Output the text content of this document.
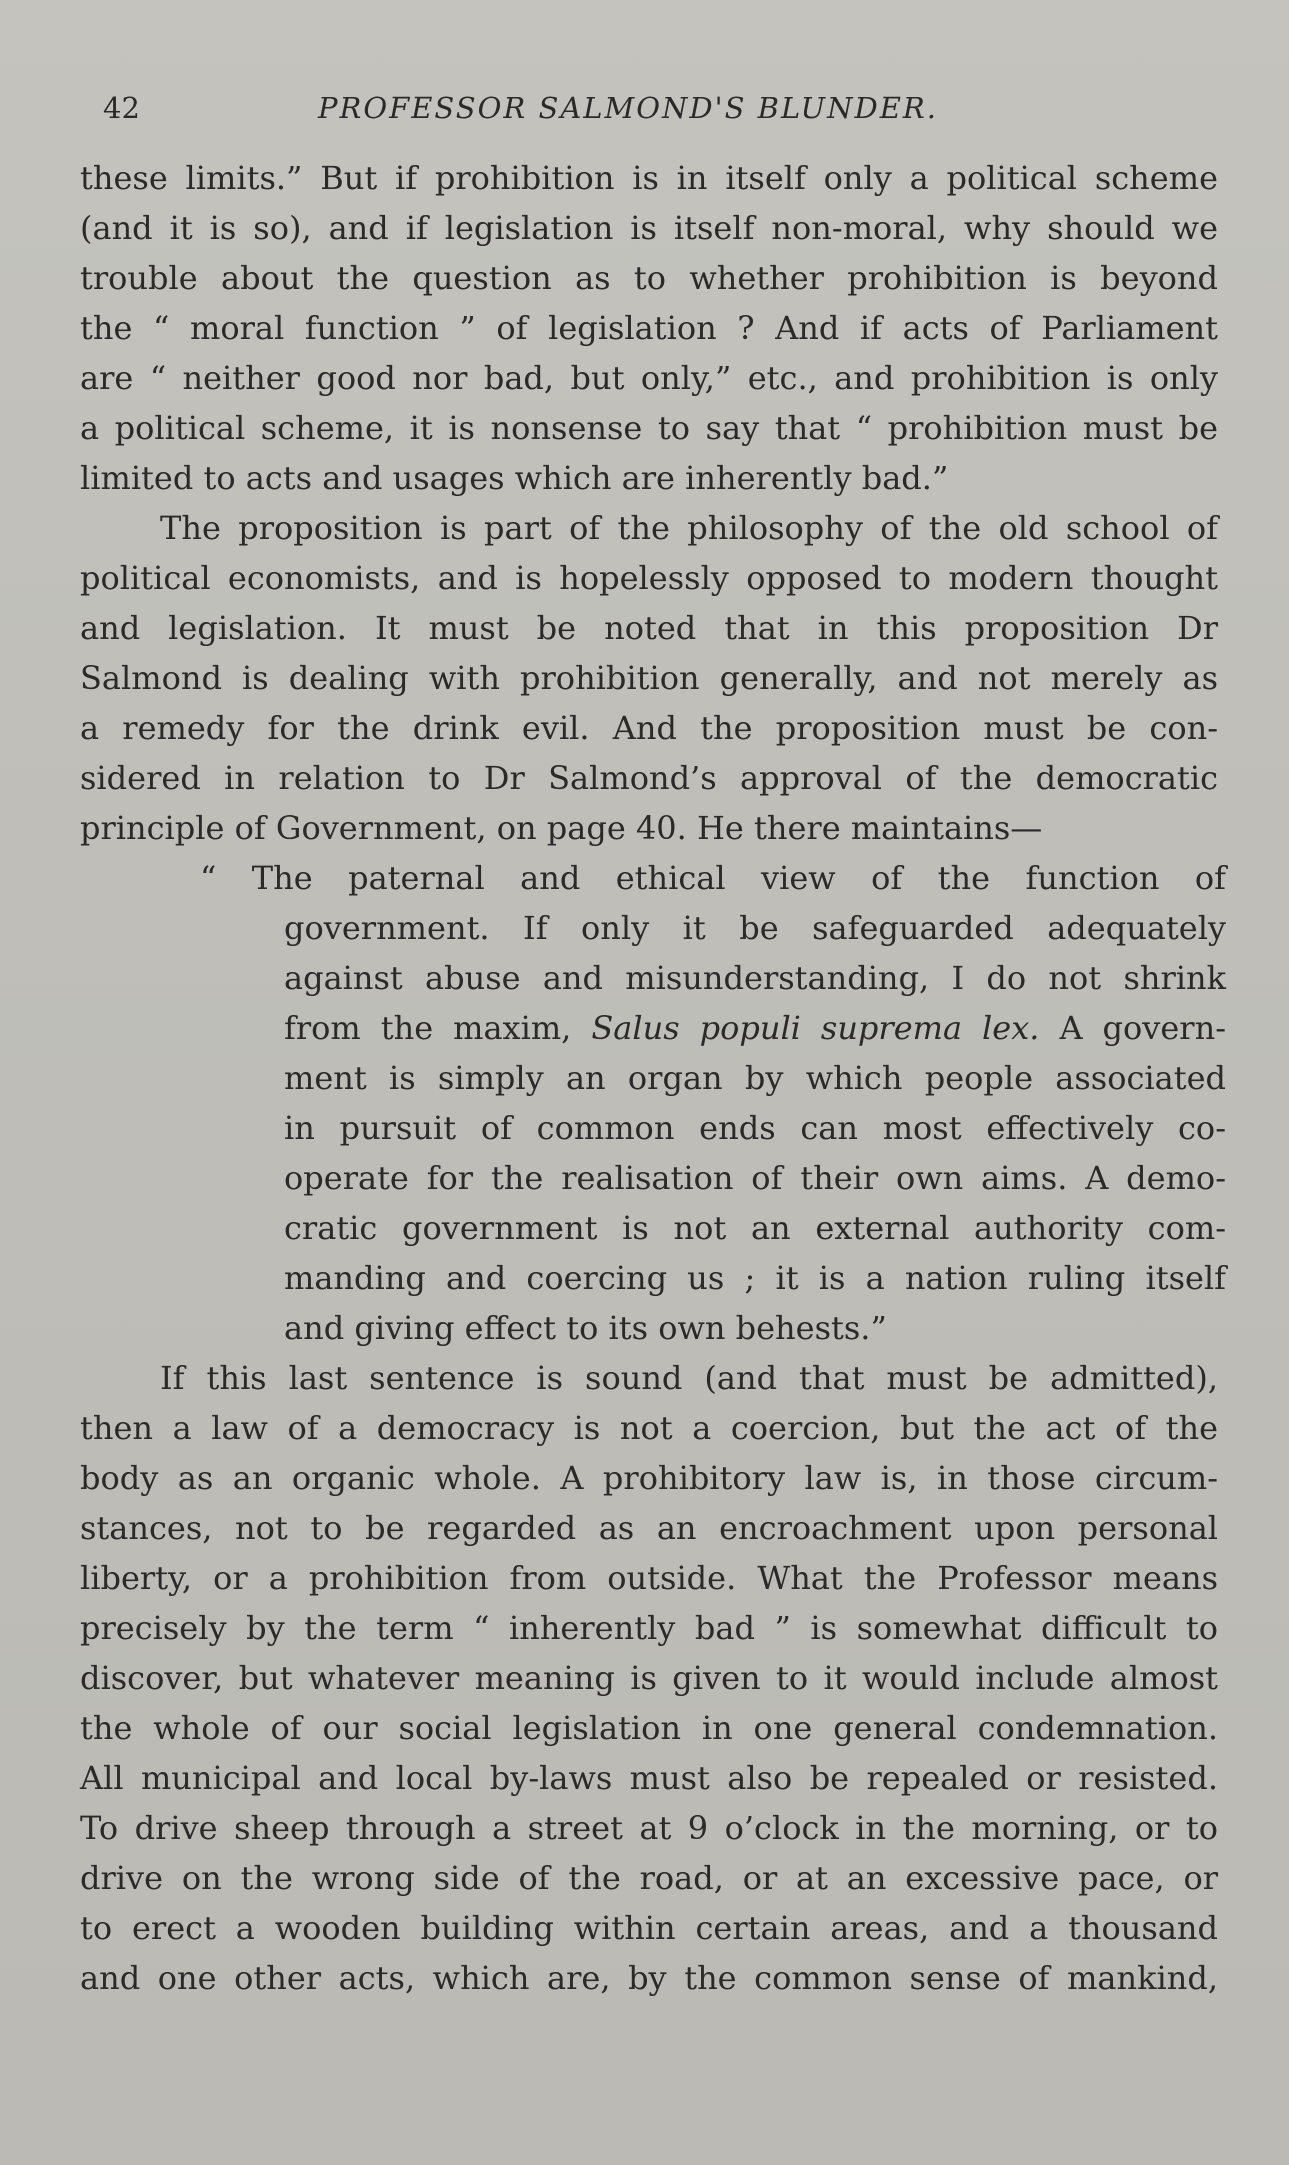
42	PROFESSOR SALMOND'S BLUNDER.
these limits.” But if prohibition is in itself only a political scheme
(and it is so), and if legislation is itself non-moral, why should we
trouble about the question as to whether prohibition is beyond
the “ moral function ” of legislation ? And if acts of Parliament
are “ neither good nor bad, but only,” etc., and prohibition is only
a political scheme, it is nonsense to say that “ prohibition must be
limited to acts and usages which are inherently bad.”
The proposition is part of the philosophy of the old school of
political economists, and is hopelessly opposed to modern thought
and legislation. It must be noted that in this proposition Dr
Salmond is dealing with prohibition generally, and not merely as
a remedy for the drink evil. And the proposition must be con-
sidered in relation to Dr Salmond’s approval of the democratic
principle of Government, on page 40. He there maintains—
“ The paternal and ethical view of the function of
government. If only it be safeguarded adequately
against abuse and misunderstanding, I do not shrink
from the maxim, Salus populi suprema lex. A govern-
ment is simply an organ by which people associated
in pursuit of common ends can most effectively co-
operate for the realisation of their own aims. A demo-
cratic government is not an external authority com-
manding and coercing us ; it is a nation ruling itself
and giving effect to its own behests.”
If this last sentence is sound (and that must be admitted),
then a law of a democracy is not a coercion, but the act of the
body as an organic whole. A prohibitory law is, in those circum-
stances, not to be regarded as an encroachment upon personal
liberty, or a prohibition from outside. What the Professor means
precisely by the term “ inherently bad ” is somewhat difficult to
discover, but whatever meaning is given to it would include almost
the whole of our social legislation in one general condemnation.
All municipal and local by-laws must also be repealed or resisted.
To drive sheep through a street at 9 o’clock in the morning, or to
drive on the wrong side of the road, or at an excessive pace, or
to erect a wooden building within certain areas, and a thousand
and one other acts, which are, by the common sense of mankind,
